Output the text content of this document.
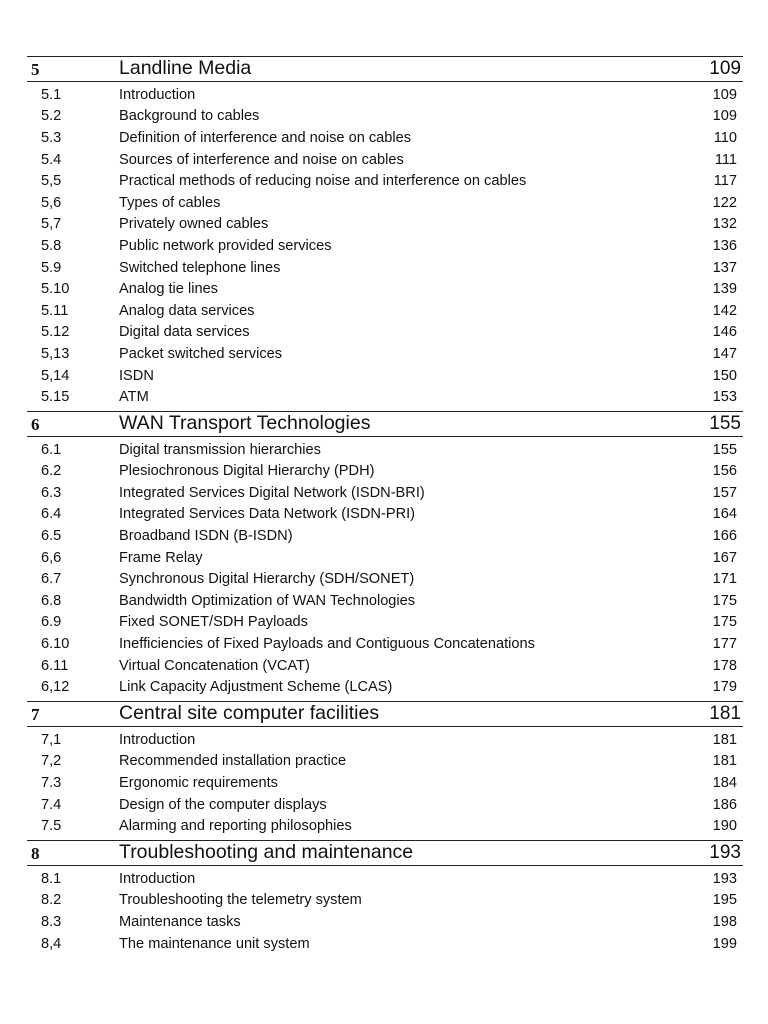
5	Landline Media	109
5.1	Introduction	109
5.2	Background to cables	109
5.3	Definition of interference and noise on cables	110
5.4	Sources of interference and noise on cables	111
5,5	Practical methods of reducing noise and interference on cables	117
5,6	Types of cables	122
5,7	Privately owned cables	132
5.8	Public network provided services	136
5.9	Switched telephone lines	137
5.10	Analog tie lines	139
5.11	Analog data services	142
5.12	Digital data services	146
5,13	Packet switched services	147
5,14	ISDN	150
5.15	ATM	153
6	WAN Transport Technologies	155
6.1	Digital transmission hierarchies	155
6.2	Plesiochronous Digital Hierarchy (PDH)	156
6.3	Integrated Services Digital Network (ISDN-BRI)	157
6.4	Integrated Services Data Network (ISDN-PRI)	164
6.5	Broadband ISDN (B-ISDN)	166
6,6	Frame Relay	167
6.7	Synchronous Digital Hierarchy (SDH/SONET)	171
6.8	Bandwidth Optimization of WAN Technologies	175
6.9	Fixed SONET/SDH Payloads	175
6.10	Inefficiencies of Fixed Payloads and Contiguous Concatenations	177
6.11	Virtual Concatenation (VCAT)	178
6,12	Link Capacity Adjustment Scheme (LCAS)	179
7	Central site computer facilities	181
7,1	Introduction	181
7,2	Recommended installation practice	181
7.3	Ergonomic requirements	184
7.4	Design of the computer displays	186
7.5	Alarming and reporting philosophies	190
8	Troubleshooting and maintenance	193
8.1	Introduction	193
8.2	Troubleshooting the telemetry system	195
8.3	Maintenance tasks	198
8,4	The maintenance unit system	199
